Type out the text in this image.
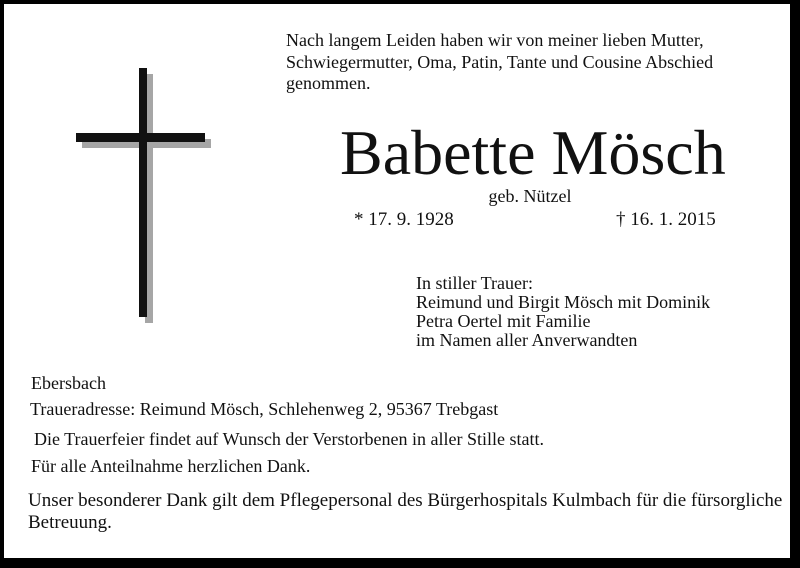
Nach langem Leiden haben wir von meiner lieben Mutter,
Schwiegermutter, Oma, Patin, Tante und Cousine Abschied
genommen.
Babette Mösch
geb. Nützel
* 17. 9. 1928	† 16. 1. 2015
In stiller Trauer:
Reimund und Birgit Mösch mit Dominik
Petra Oertel mit Familie
im Namen aller Anverwandten
Ebersbach
Traueradresse: Reimund Mösch, Schlehenweg 2, 95367 Trebgast
Die Trauerfeier findet auf Wunsch der Verstorbenen in aller Stille statt.
Für alle Anteilnahme herzlichen Dank.
Unser besonderer Dank gilt dem Pflegepersonal des Bürgerhospitals Kulmbach für die fürsorgliche
Betreuung.
